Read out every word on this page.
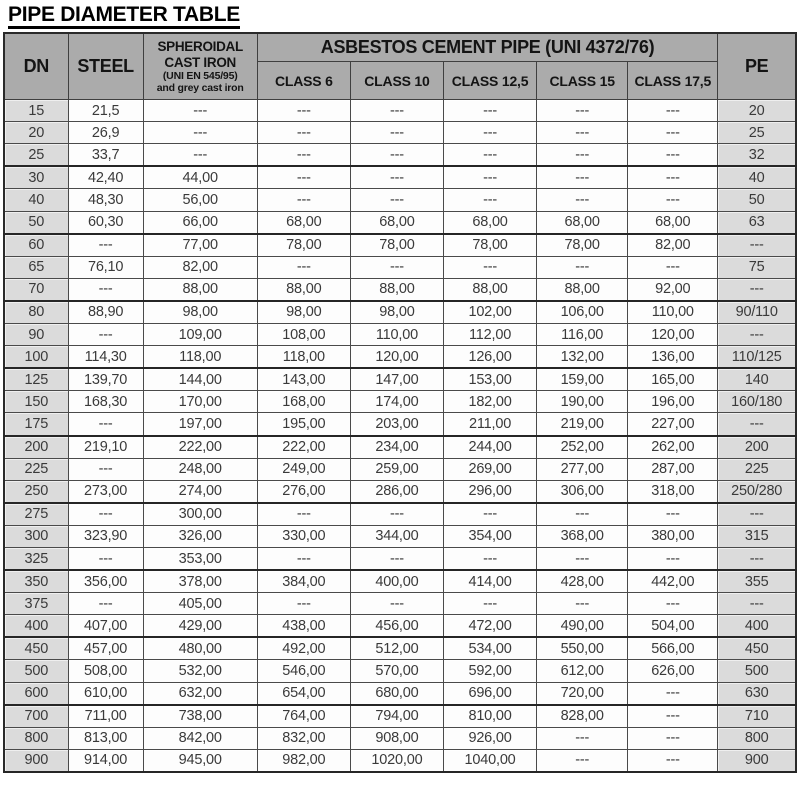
PIPE DIAMETER TABLE
DN	STEEL	SPHEROIDAL
CAST IRON
(UNI EN 545/95)
and grey cast iron	ASBESTOS CEMENT PIPE (UNI 4372/76)					PE
			CLASS 6	CLASS 10	CLASS 12,5	CLASS 15	CLASS 17,5	
15	21,5	---	---	---	---	---	---	20
20	26,9	---	---	---	---	---	---	25
25	33,7	---	---	---	---	---	---	32
30	42,40	44,00	---	---	---	---	---	40
40	48,30	56,00	---	---	---	---	---	50
50	60,30	66,00	68,00	68,00	68,00	68,00	68,00	63
60	---	77,00	78,00	78,00	78,00	78,00	82,00	---
65	76,10	82,00	---	---	---	---	---	75
70	---	88,00	88,00	88,00	88,00	88,00	92,00	---
80	88,90	98,00	98,00	98,00	102,00	106,00	110,00	90/110
90	---	109,00	108,00	110,00	112,00	116,00	120,00	---
100	114,30	118,00	118,00	120,00	126,00	132,00	136,00	110/125
125	139,70	144,00	143,00	147,00	153,00	159,00	165,00	140
150	168,30	170,00	168,00	174,00	182,00	190,00	196,00	160/180
175	---	197,00	195,00	203,00	211,00	219,00	227,00	---
200	219,10	222,00	222,00	234,00	244,00	252,00	262,00	200
225	---	248,00	249,00	259,00	269,00	277,00	287,00	225
250	273,00	274,00	276,00	286,00	296,00	306,00	318,00	250/280
275	---	300,00	---	---	---	---	---	---
300	323,90	326,00	330,00	344,00	354,00	368,00	380,00	315
325	---	353,00	---	---	---	---	---	---
350	356,00	378,00	384,00	400,00	414,00	428,00	442,00	355
375	---	405,00	---	---	---	---	---	---
400	407,00	429,00	438,00	456,00	472,00	490,00	504,00	400
450	457,00	480,00	492,00	512,00	534,00	550,00	566,00	450
500	508,00	532,00	546,00	570,00	592,00	612,00	626,00	500
600	610,00	632,00	654,00	680,00	696,00	720,00	---	630
700	711,00	738,00	764,00	794,00	810,00	828,00	---	710
800	813,00	842,00	832,00	908,00	926,00	---	---	800
900	914,00	945,00	982,00	1020,00	1040,00	---	---	900
